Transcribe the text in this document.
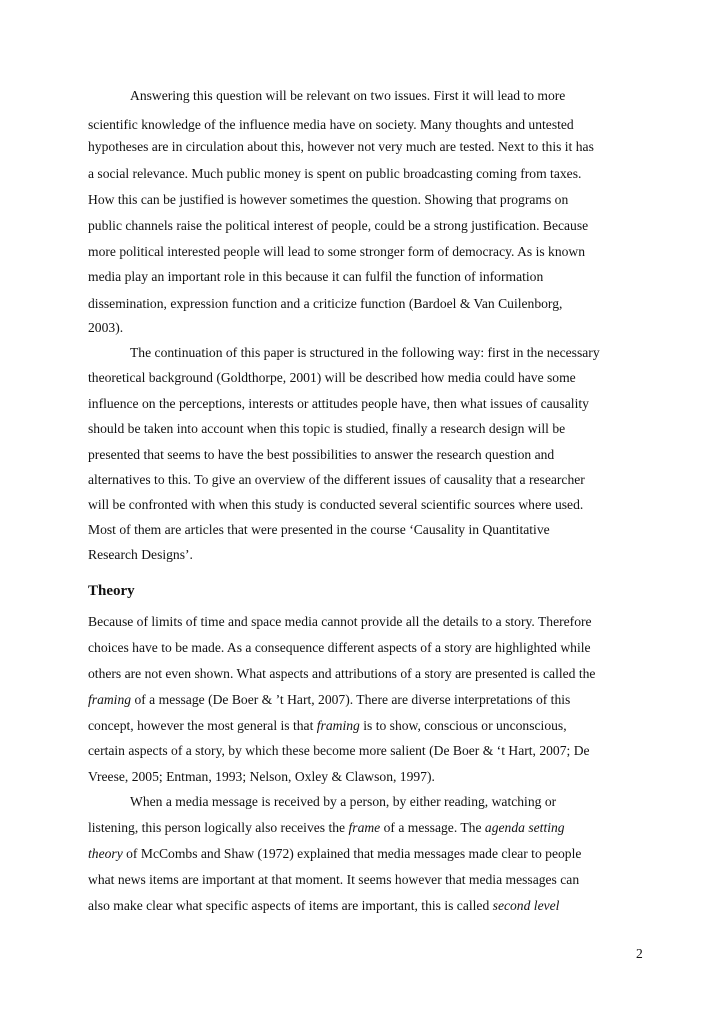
Answering this question will be relevant on two issues. First it will lead to more
scientific knowledge of the influence media have on society. Many thoughts and untested
hypotheses are in circulation about this, however not very much are tested. Next to this it has
a social relevance. Much public money is spent on public broadcasting coming from taxes.
How this can be justified is however sometimes the question. Showing that programs on
public channels raise the political interest of people, could be a strong justification. Because
more political interested people will lead to some stronger form of democracy. As is known
media play an important role in this because it can fulfil the function of information
dissemination, expression function and a criticize function (Bardoel & Van Cuilenborg,
2003).
The continuation of this paper is structured in the following way: first in the necessary
theoretical background (Goldthorpe, 2001) will be described how media could have some
influence on the perceptions, interests or attitudes people have, then what issues of causality
should be taken into account when this topic is studied, finally a research design will be
presented that seems to have the best possibilities to answer the research question and
alternatives to this. To give an overview of the different issues of causality that a researcher
will be confronted with when this study is conducted several scientific sources where used.
Most of them are articles that were presented in the course ‘Causality in Quantitative
Research Designs’.
Theory
Because of limits of time and space media cannot provide all the details to a story. Therefore
choices have to be made. As a consequence different aspects of a story are highlighted while
others are not even shown. What aspects and attributions of a story are presented is called the
framing of a message (De Boer & ’t Hart, 2007). There are diverse interpretations of this
concept, however the most general is that framing is to show, conscious or unconscious,
certain aspects of a story, by which these become more salient (De Boer & ‘t Hart, 2007; De
Vreese, 2005; Entman, 1993; Nelson, Oxley & Clawson, 1997).
When a media message is received by a person, by either reading, watching or
listening, this person logically also receives the frame of a message. The agenda setting
theory of McCombs and Shaw (1972) explained that media messages made clear to people
what news items are important at that moment. It seems however that media messages can
also make clear what specific aspects of items are important, this is called second level
2
